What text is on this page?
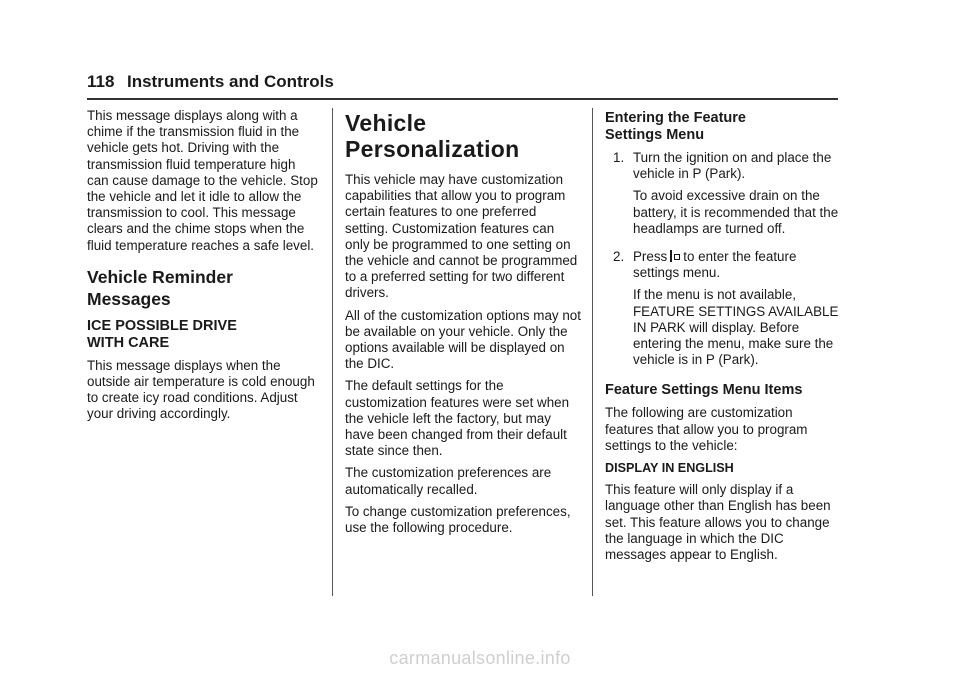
118 Instruments and Controls

This message displays along with a chime if the transmission fluid in the vehicle gets hot. Driving with the transmission fluid temperature high can cause damage to the vehicle. Stop the vehicle and let it idle to allow the transmission to cool. This message clears and the chime stops when the fluid temperature reaches a safe level.

Vehicle Reminder
Messages
ICE POSSIBLE DRIVE
WITH CARE

This message displays when the outside air temperature is cold enough to create icy road conditions. Adjust your driving accordingly.

Vehicle
Personalization

This vehicle may have customization capabilities that allow you to program certain features to one preferred setting. Customization features can only be programmed to one setting on the vehicle and cannot be programmed to a preferred setting for two different drivers.

All of the customization options may not be available on your vehicle. Only the options available will be displayed on the DIC.

The default settings for the customization features were set when the vehicle left the factory, but may have been changed from their default state since then.

The customization preferences are automatically recalled.

To change customization preferences, use the following procedure.

Entering the Feature
Settings Menu
1. Turn the ignition on and place the vehicle in P (Park).

To avoid excessive drain on the battery, it is recommended that the headlamps are turned off.

2. Press to enter the feature settings menu.

If the menu is not available, FEATURE SETTINGS AVAILABLE IN PARK will display. Before entering the menu, make sure the vehicle is in P (Park).

Feature Settings Menu Items

The following are customization features that allow you to program settings to the vehicle:

DISPLAY IN ENGLISH

This feature will only display if a language other than English has been set. This feature allows you to change the language in which the DIC messages appear to English.

carmanualsonline.info
